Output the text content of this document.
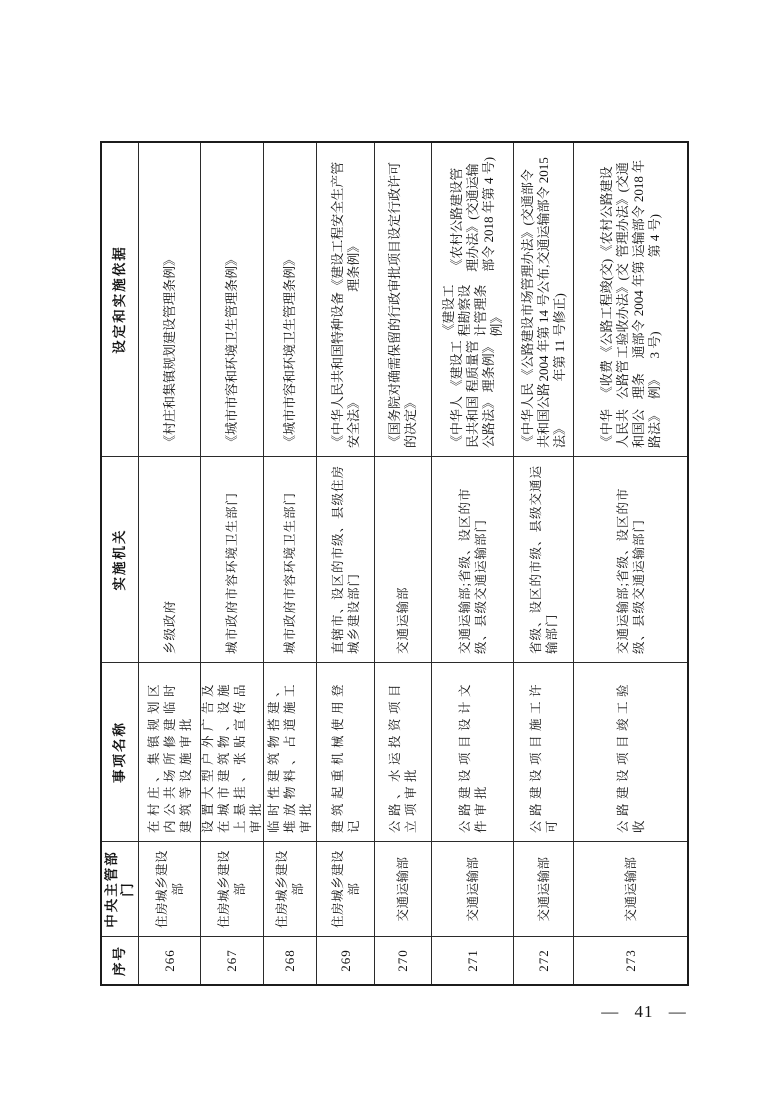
序号
中央主管部门
事项名称
实施机关
设定和实施依据
266
住房城乡建设部
在村庄、集镇规划区内公共场所修建临时建筑等设施审批
乡级政府
《村庄和集镇规划建设管理条例》
267
住房城乡建设部
设置大型户外广告及在城市建筑物、设施上悬挂、张贴宣传品审批
城市政府市容环境卫生部门
《城市市容和环境卫生管理条例》
268
住房城乡建设部
临时性建筑物搭建、堆放物料、占道施工审批
城市政府市容环境卫生部门
《城市市容和环境卫生管理条例》
269
住房城乡建设部
建筑起重机械使用登记
直辖市、设区的市级、县级住房城乡建设部门
《中华人民共和国特种设备安全法》
《建设工程安全生产管理条例》
270
交通运输部
公路、水运投资项目立项审批
交通运输部
《国务院对确需保留的行政审批项目设定行政许可的决定》
271
交通运输部
公路建设项目设计文件审批
交通运输部;省级、设区的市级、县级交通运输部门
《中华人民共和国公路法》
《建设工程质量管理条例》
《建设工程勘察设计管理条例》
《农村公路建设管理办法》(交通运输部令 2018 年第 4 号)
272
交通运输部
公路建设项目施工许可
省级、设区的市级、县级交通运输部门
《中华人民共和国公路法》
《公路建设市场管理办法》(交通部令 2004 年第 14 号公布,交通运输部令 2015 年第 11 号修正)
273
交通运输部
公路建设项目竣工验收
交通运输部;省级、设区的市级、县级交通运输部门
《中华人民共和国公路法》
《收费公路管理条例》
《公路工程竣(交)工验收办法》(交通部令 2004 年第 3 号)
《农村公路建设管理办法》(交通运输部令 2018 年第 4 号)
— 41 —
